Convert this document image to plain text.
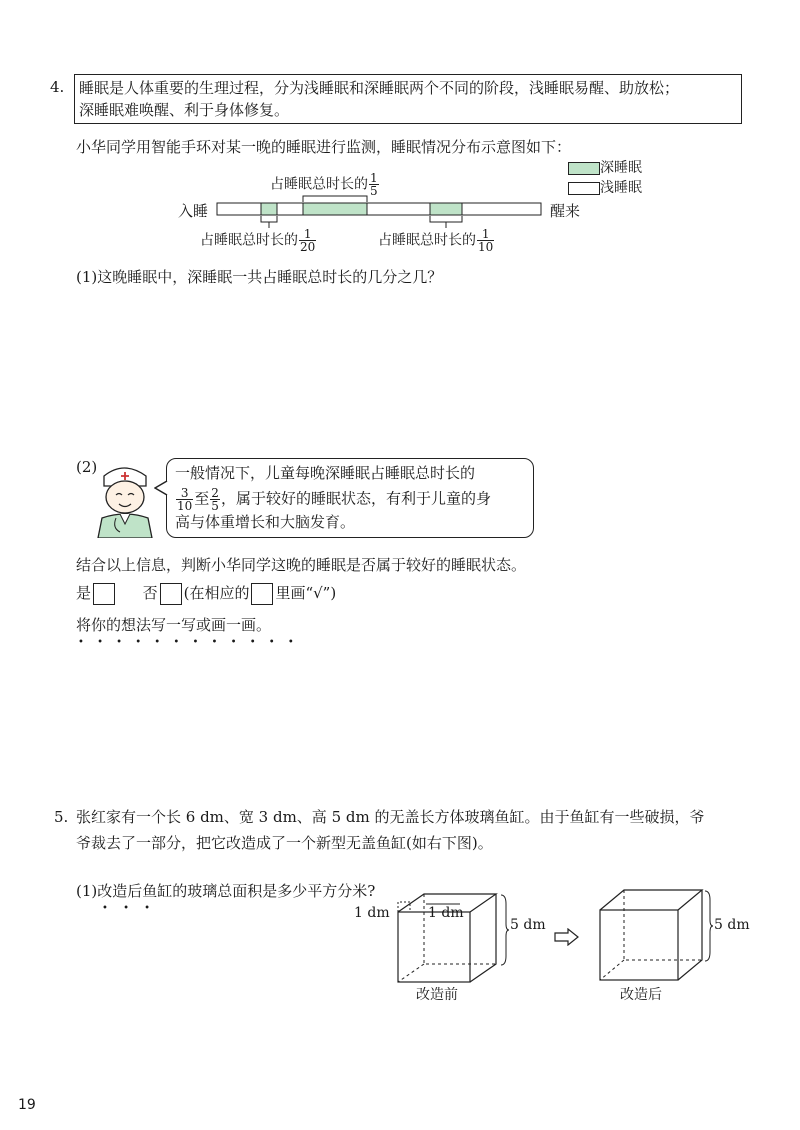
4. 睡眠是人体重要的生理过程，分为浅睡眠和深睡眠两个不同的阶段，浅睡眠易醒、助放松；
深睡眠难唤醒、利于身体修复。
小华同学用智能手环对某一晚的睡眠进行监测，睡眠情况分布示意图如下：
深睡眠
浅睡眠
占睡眠总时长的 $\frac{1}{5}$
入睡	醒来
占睡眠总时长的 $\frac{1}{20}$	占睡眠总时长的 $\frac{1}{10}$
(1)这晚睡眠中，深睡眠一共占睡眠总时长的几分之几？
(2)	一般情况下，儿童每晚深睡眠占睡眠总时长的
$\frac{3}{10}$ 至 $\frac{2}{5}$ ，属于较好的睡眠状态，有利于儿童的身
高与体重增长和大脑发育。
结合以上信息，判断小华同学这晚的睡眠是否属于较好的睡眠状态。
是	否 (在相应的 里画“√”)
将你的想法写一写或画一画。
• • • • • • • • • • • •
5. 张红家有一个长 6 dm、宽 3 dm、高 5 dm 的无盖长方体玻璃鱼缸。由于鱼缸有一些破损，爷
爷裁去了一部分，把它改造成了一个新型无盖鱼缸(如右下图)。
(1)改造后鱼缸的玻璃总面积是多少平方分米?
• • •	1 dm	1 dm
5 dm
改造前
5 dm
改造后
19
